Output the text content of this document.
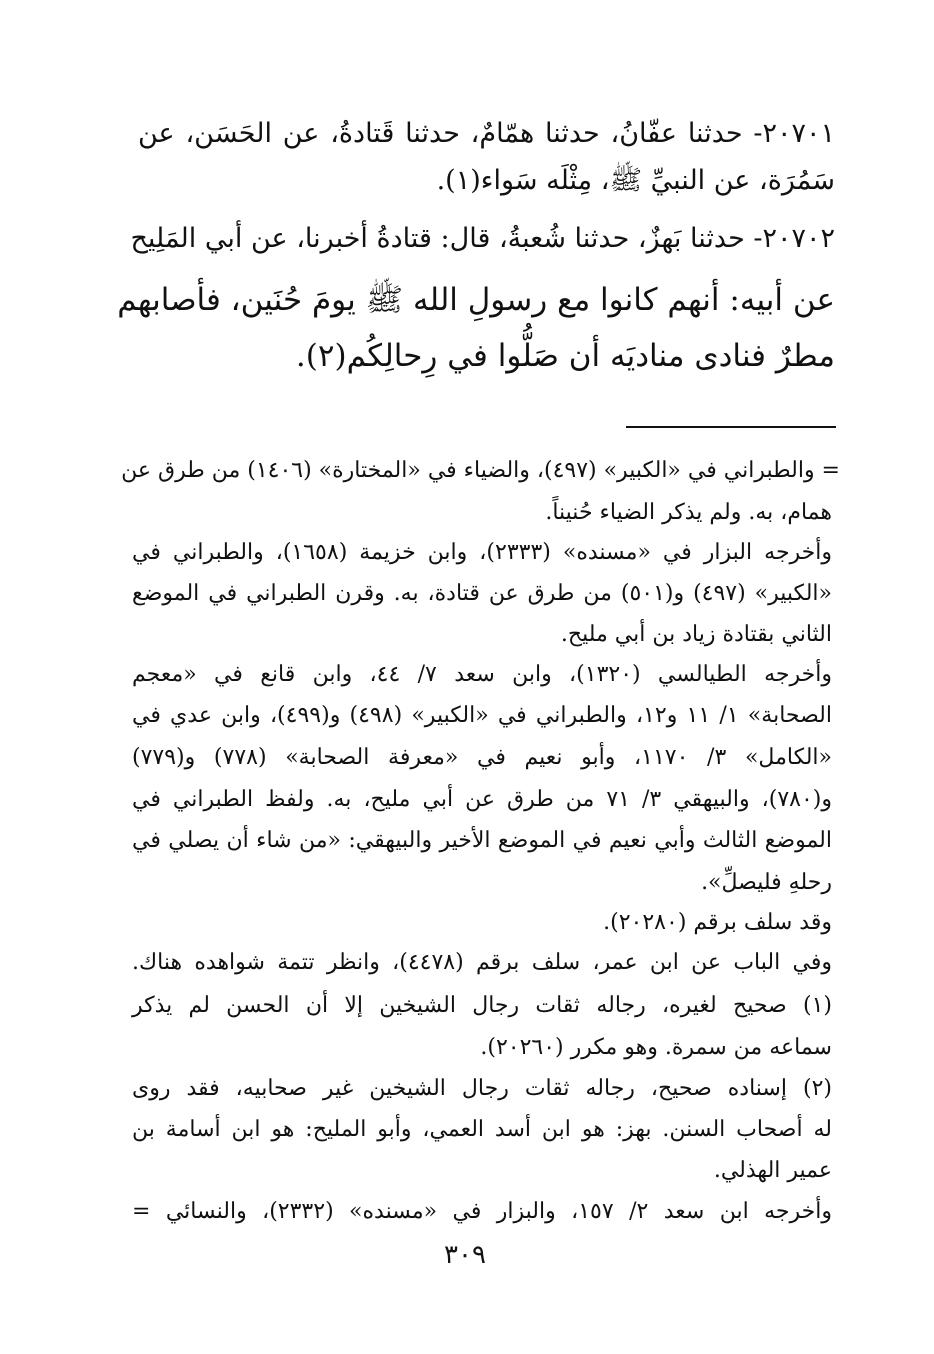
٢٠٧٠١- حدثنا عفّانُ، حدثنا همّامٌ، حدثنا قَتادةُ، عن الحَسَن، عن
سَمُرَة، عن النبيِّ ﷺ، مِثْلَه سَواء(١).
٢٠٧٠٢- حدثنا بَهزٌ، حدثنا شُعبةُ، قال: قتادةُ أخبرنا، عن أبي المَلِيح
عن أبيه: أنهم كانوا مع رسولِ الله ﷺ يومَ حُنَين، فأصابهم
مطرٌ فنادى مناديَه أن صَلُّوا في رِحالِكُم(٢).
= والطبراني في «الكبير» (٤٩٧)، والضياء في «المختارة» (١٤٠٦) من طرق عن
همام، به. ولم يذكر الضياء حُنيناً.
وأخرجه البزار في «مسنده» (٢٣٣٣)، وابن خزيمة (١٦٥٨)، والطبراني في
«الكبير» (٤٩٧) و(٥٠١) من طرق عن قتادة، به. وقرن الطبراني في الموضع
الثاني بقتادة زياد بن أبي مليح.
وأخرجه الطيالسي (١٣٢٠)، وابن سعد ٧/ ٤٤، وابن قانع في «معجم
الصحابة» ١/ ١١ و١٢، والطبراني في «الكبير» (٤٩٨) و(٤٩٩)، وابن عدي في
«الكامل» ٣/ ١١٧٠، وأبو نعيم في «معرفة الصحابة» (٧٧٨) و(٧٧٩)
و(٧٨٠)، والبيهقي ٣/ ٧١ من طرق عن أبي مليح، به. ولفظ الطبراني في
الموضع الثالث وأبي نعيم في الموضع الأخير والبيهقي: «من شاء أن يصلي في
رحلهِ فليصلِّ».
وقد سلف برقم (٢٠٢٨٠).
وفي الباب عن ابن عمر، سلف برقم (٤٤٧٨)، وانظر تتمة شواهده هناك.
(١) صحيح لغيره، رجاله ثقات رجال الشيخين إلا أن الحسن لم يذكر
سماعه من سمرة. وهو مكرر (٢٠٢٦٠).
(٢) إسناده صحيح، رجاله ثقات رجال الشيخين غير صحابيه، فقد روى
له أصحاب السنن. بهز: هو ابن أسد العمي، وأبو المليح: هو ابن أسامة بن
عمير الهذلي.
وأخرجه ابن سعد ٢/ ١٥٧، والبزار في «مسنده» (٢٣٣٢)، والنسائي =
٣٠٩
